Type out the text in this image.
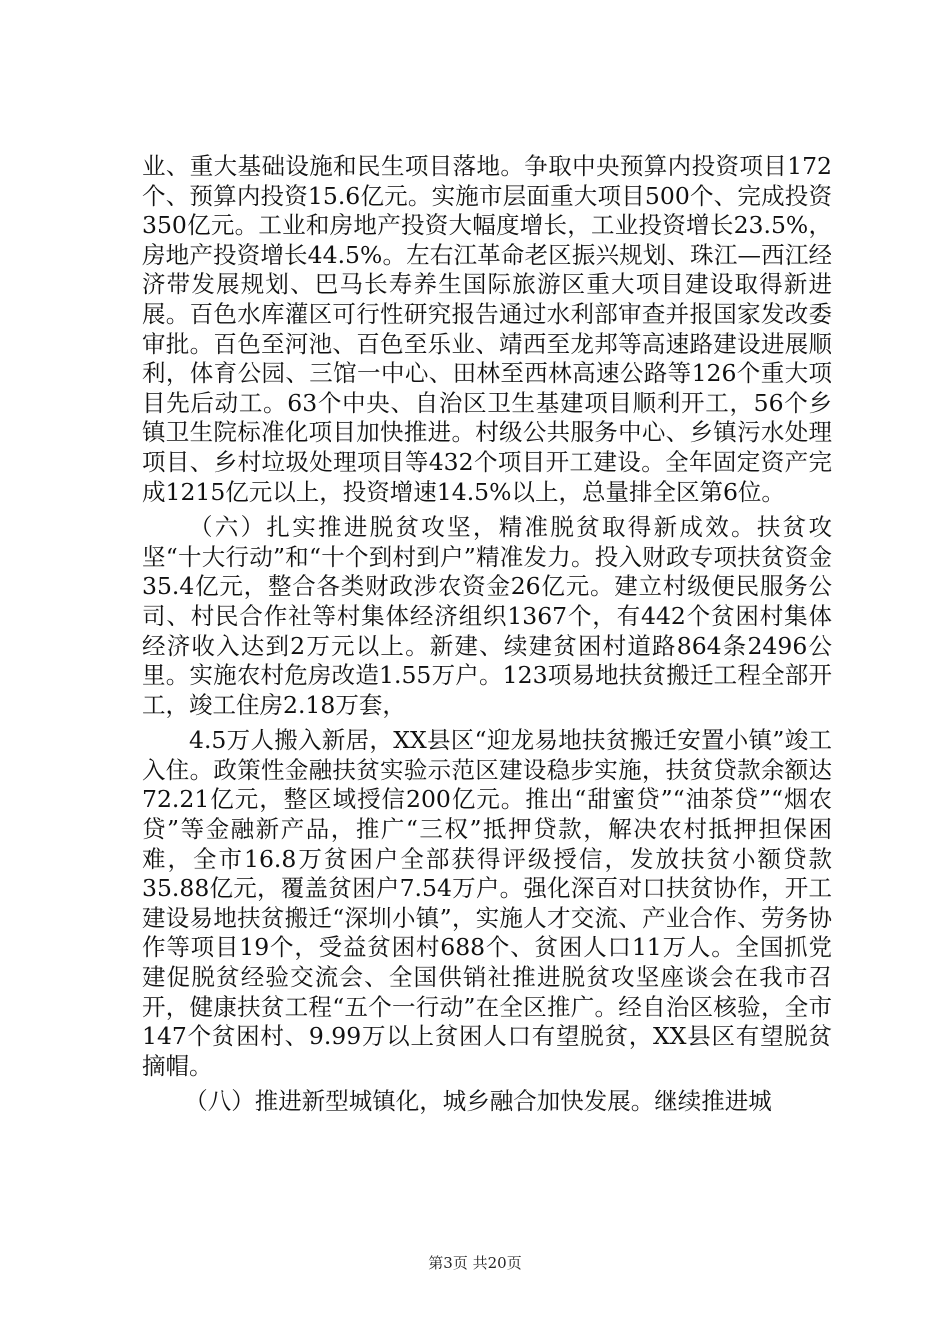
业、重大基础设施和民生项目落地。争取中央预算内投资项目172个、预算内投资15.6亿元。实施市层面重大项目500个、完成投资350亿元。工业和房地产投资大幅度增长，工业投资增长23.5%，房地产投资增长44.5%。左右江革命老区振兴规划、珠江—西江经济带发展规划、巴马长寿养生国际旅游区重大项目建设取得新进展。百色水库灌区可行性研究报告通过水利部审查并报国家发改委审批。百色至河池、百色至乐业、靖西至龙邦等高速路建设进展顺利，体育公园、三馆一中心、田林至西林高速公路等126个重大项目先后动工。63个中央、自治区卫生基建项目顺利开工，56个乡镇卫生院标准化项目加快推进。村级公共服务中心、乡镇污水处理项目、乡村垃圾处理项目等432个项目开工建设。全年固定资产完成1215亿元以上，投资增速14.5%以上，总量排全区第6位。

（六）扎实推进脱贫攻坚，精准脱贫取得新成效。扶贫攻坚“十大行动”和“十个到村到户”精准发力。投入财政专项扶贫资金35.4亿元，整合各类财政涉农资金26亿元。建立村级便民服务公司、村民合作社等村集体经济组织1367个，有442个贫困村集体经济收入达到2万元以上。新建、续建贫困村道路864条2496公里。实施农村危房改造1.55万户。123项易地扶贫搬迁工程全部开工，竣工住房2.18万套，

4.5万人搬入新居，XX县区“迎龙易地扶贫搬迁安置小镇”竣工入住。政策性金融扶贫实验示范区建设稳步实施，扶贫贷款余额达72.21亿元，整区域授信200亿元。推出“甜蜜贷”“油茶贷”“烟农贷”等金融新产品，推广“三权”抵押贷款，解决农村抵押担保困难，全市16.8万贫困户全部获得评级授信，发放扶贫小额贷款35.88亿元，覆盖贫困户7.54万户。强化深百对口扶贫协作，开工建设易地扶贫搬迁“深圳小镇”，实施人才交流、产业合作、劳务协作等项目19个，受益贫困村688个、贫困人口11万人。全国抓党建促脱贫经验交流会、全国供销社推进脱贫攻坚座谈会在我市召开，健康扶贫工程“五个一行动”在全区推广。经自治区核验，全市147个贫困村、9.99万以上贫困人口有望脱贫，XX县区有望脱贫摘帽。

（八）推进新型城镇化，城乡融合加快发展。继续推进城

第3页 共20页
